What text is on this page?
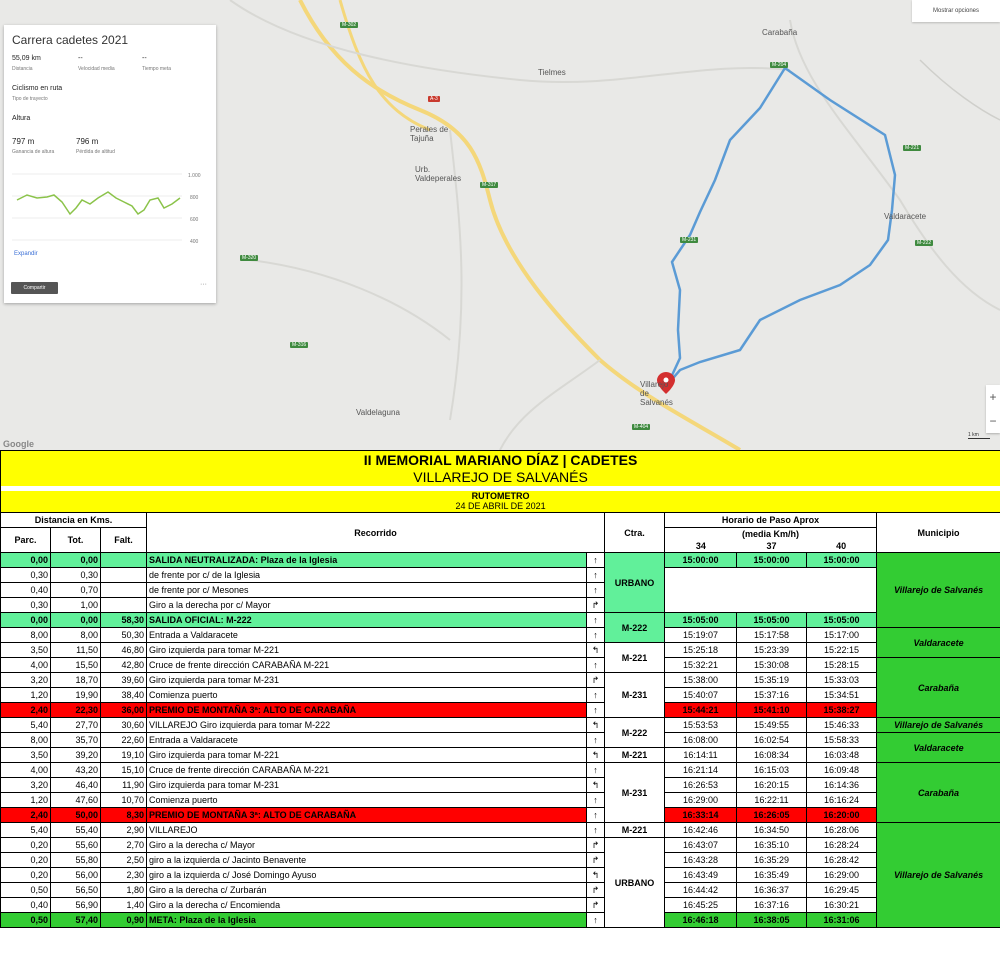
Carabaña
Tielmes
Perales de Tajuña
Urb. Valdeperales
Valdaracete
Villarejo de Salvanés
Valdelaguna
M-302
A-3
M-204
M-221
M-231	M-222
M-316
M-317
M-320
M-404
Mostrar opciones
+
−
Google
1 km
Carrera cadetes 2021
55,09 km
Distancia
--
Velocidad media
--
Tiempo meta
Ciclismo en ruta
Tipo de trayecto
Altura
797 m
Ganancia de altura
796 m
Pérdida de altitud
1.000
800
600
400
Expandir
Compartir	···
II MEMORIAL MARIANO DÍAZ | CADETES									
VILLAREJO DE SALVANÉS									

RUTOMETRO									
24 DE ABRIL DE 2021									
Distancia en Kms.			Recorrido		Ctra.	Horario de Paso Aprox			Municipio
Parc.	Tot.	Falt.				(media Km/h)
34 37 40			

0,00	0,00		SALIDA NEUTRALIZADA: Plaza de la Iglesia	↑	URBANO	15:00:00	15:00:00	15:00:00	Villarejo de Salvanés
0,30	0,30		de frente por c/ de la Iglesia	↑					
0,40	0,70		de frente por c/ Mesones	↑					
0,30	1,00		Giro a la derecha por c/ Mayor	↱					
0,00	0,00	58,30	SALIDA OFICIAL: M-222	↑	M-222	15:05:00	15:05:00	15:05:00	
8,00	8,00	50,30	Entrada a Valdaracete	↑		15:19:07	15:17:58	15:17:00	Valdaracete
3,50	11,50	46,80	Giro izquierda para tomar M-221	↰	M-221	15:25:18	15:23:39	15:22:15	
4,00	15,50	42,80	Cruce de frente dirección CARABAÑA M-221	↑		15:32:21	15:30:08	15:28:15	Carabaña
3,20	18,70	39,60	Giro izquierda para tomar M-231	↱	M-231	15:38:00	15:35:19	15:33:03	
1,20	19,90	38,40	Comienza puerto	↑		15:40:07	15:37:16	15:34:51	
2,40	22,30	36,00	PREMIO DE MONTAÑA 3ª: ALTO DE CARABAÑA	↑		15:44:21	15:41:10	15:38:27	
5,40	27,70	30,60	VILLAREJO Giro izquierda para tomar M-222	↰	M-222	15:53:53	15:49:55	15:46:33	Villarejo de Salvanés
8,00	35,70	22,60	Entrada a Valdaracete	↑		16:08:00	16:02:54	15:58:33	Valdaracete
3,50	39,20	19,10	Giro izquierda para tomar M-221	↰	M-221	16:14:11	16:08:34	16:03:48	
4,00	43,20	15,10	Cruce de frente dirección CARABAÑA M-221	↑	M-231	16:21:14	16:15:03	16:09:48	Carabaña
3,20	46,40	11,90	Giro izquierda para tomar M-231	↰		16:26:53	16:20:15	16:14:36	
1,20	47,60	10,70	Comienza puerto	↑		16:29:00	16:22:11	16:16:24	
2,40	50,00	8,30	PREMIO DE MONTAÑA 3ª: ALTO DE CARABAÑA	↑		16:33:14	16:26:05	16:20:00	
5,40	55,40	2,90	VILLAREJO	↑	M-221	16:42:46	16:34:50	16:28:06	Villarejo de Salvanés
0,20	55,60	2,70	Giro a la derecha c/ Mayor	↱	URBANO	16:43:07	16:35:10	16:28:24	
0,20	55,80	2,50	giro a la izquierda c/ Jacinto Benavente	↱		16:43:28	16:35:29	16:28:42	
0,20	56,00	2,30	giro a la izquierda c/ José Domingo Ayuso	↰		16:43:49	16:35:49	16:29:00	
0,50	56,50	1,80	Giro a la derecha c/ Zurbarán	↱		16:44:42	16:36:37	16:29:45	
0,40	56,90	1,40	Giro a la derecha c/ Encomienda	↱		16:45:25	16:37:16	16:30:21	
0,50	57,40	0,90	META: Plaza de la Iglesia	↑		16:46:18	16:38:05	16:31:06	
